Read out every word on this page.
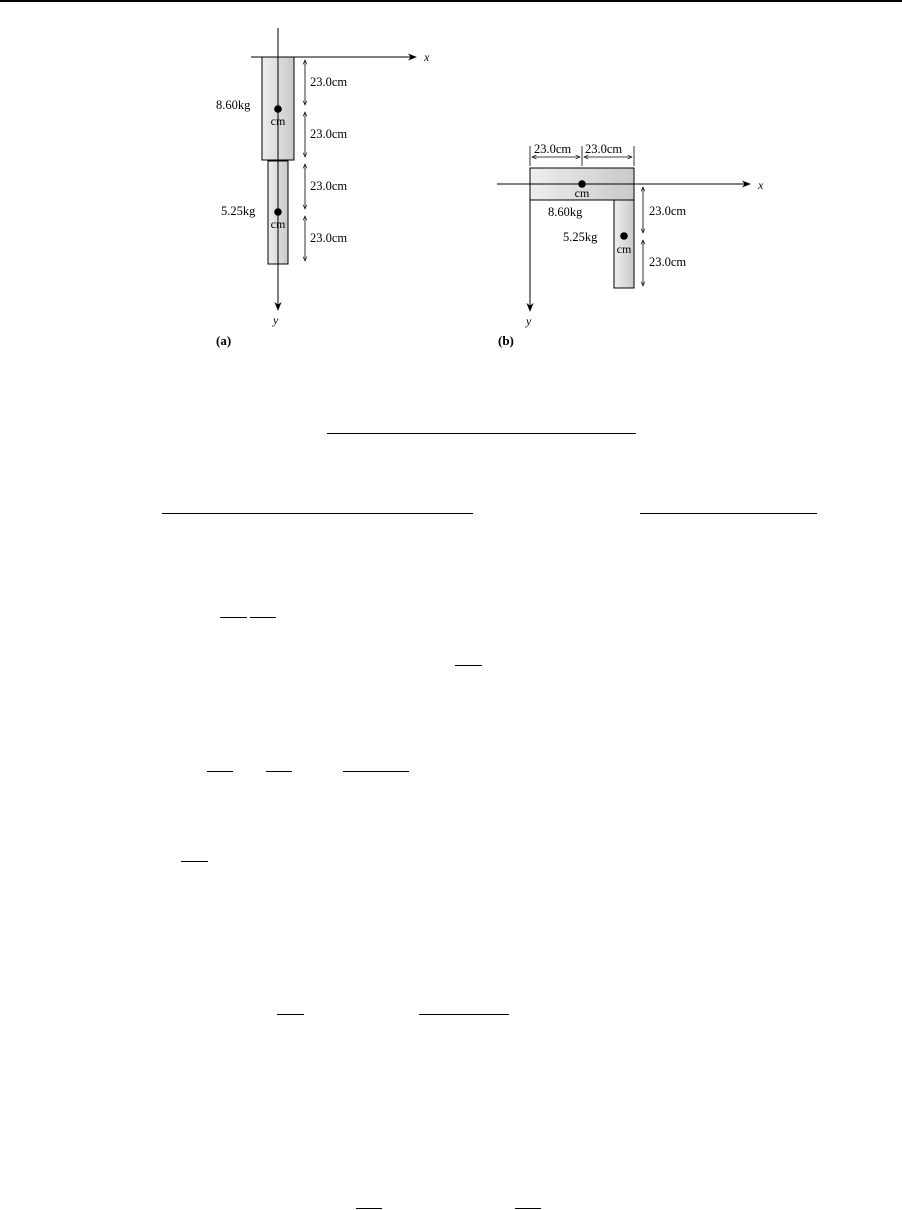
x
y
cm
cm
8.60kg
5.25kg
23.0cm
23.0cm
23.0cm
23.0cm
(a)
x
y
cm
cm
8.60kg
5.25kg
23.0cm 23.0cm
23.0cm
23.0cm
(b)
